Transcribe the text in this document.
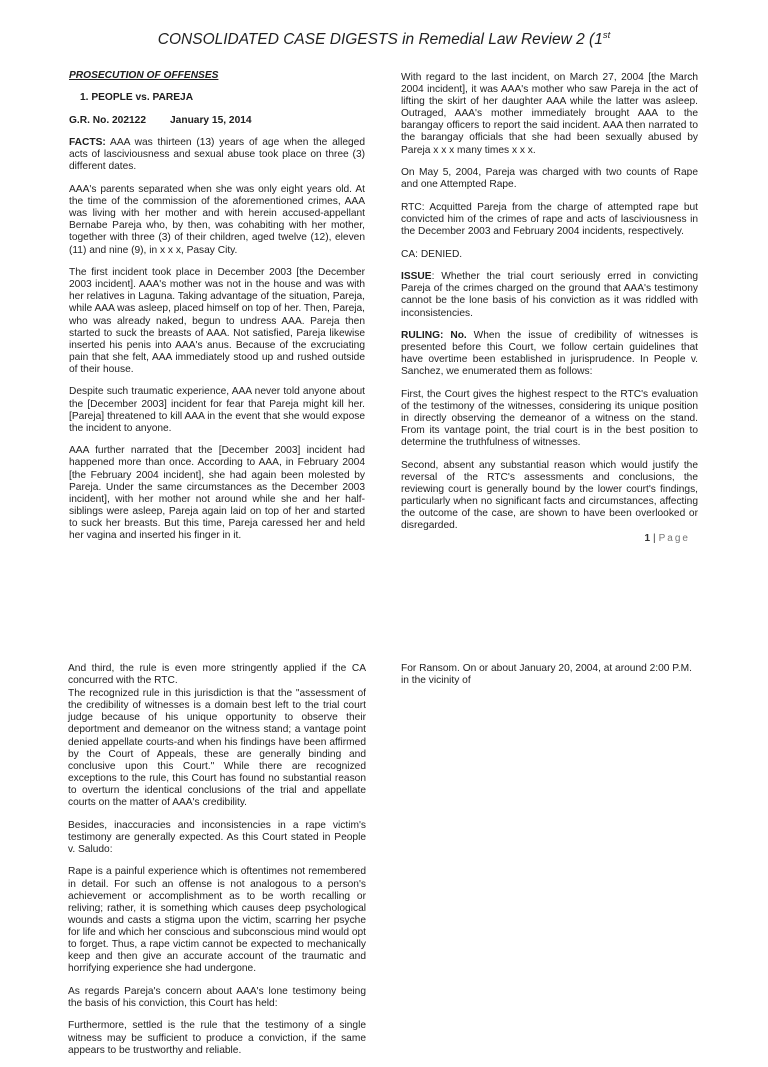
CONSOLIDATED CASE DIGESTS in Remedial Law Review 2 (1st
PROSECUTION OF OFFENSES
1. PEOPLE vs. PAREJA
G.R. No. 202122 January 15, 2014

FACTS: AAA was thirteen (13) years of age when the alleged acts of lasciviousness and sexual abuse took place on three (3) different dates.

AAA's parents separated when she was only eight years old. At the time of the commission of the aforementioned crimes, AAA was living with her mother and with herein accused-appellant Bernabe Pareja who, by then, was cohabiting with her mother, together with three (3) of their children, aged twelve (12), eleven (11) and nine (9), in x x x, Pasay City.

The first incident took place in December 2003 [the December 2003 incident]. AAA's mother was not in the house and was with her relatives in Laguna. Taking advantage of the situation, Pareja, while AAA was asleep, placed himself on top of her. Then, Pareja, who was already naked, begun to undress AAA. Pareja then started to suck the breasts of AAA. Not satisfied, Pareja likewise inserted his penis into AAA's anus. Because of the excruciating pain that she felt, AAA immediately stood up and rushed outside of their house.

Despite such traumatic experience, AAA never told anyone about the [December 2003] incident for fear that Pareja might kill her. [Pareja] threatened to kill AAA in the event that she would expose the incident to anyone.

AAA further narrated that the [December 2003] incident had happened more than once. According to AAA, in February 2004 [the February 2004 incident], she had again been molested by Pareja. Under the same circumstances as the December 2003 incident], with her mother not around while she and her half-siblings were asleep, Pareja again laid on top of her and started to suck her breasts. But this time, Pareja caressed her and held her vagina and inserted his finger in it.

With regard to the last incident, on March 27, 2004 [the March 2004 incident], it was AAA's mother who saw Pareja in the act of lifting the skirt of her daughter AAA while the latter was asleep. Outraged, AAA's mother immediately brought AAA to the barangay officers to report the said incident. AAA then narrated to the barangay officials that she had been sexually abused by Pareja x x x many times x x x.

On May 5, 2004, Pareja was charged with two counts of Rape and one Attempted Rape.

RTC: Acquitted Pareja from the charge of attempted rape but convicted him of the crimes of rape and acts of lasciviousness in the December 2003 and February 2004 incidents, respectively.

CA: DENIED.

ISSUE: Whether the trial court seriously erred in convicting Pareja of the crimes charged on the ground that AAA's testimony cannot be the lone basis of his conviction as it was riddled with inconsistencies.

RULING: No. When the issue of credibility of witnesses is presented before this Court, we follow certain guidelines that have overtime been established in jurisprudence. In People v. Sanchez, we enumerated them as follows:

First, the Court gives the highest respect to the RTC's evaluation of the testimony of the witnesses, considering its unique position in directly observing the demeanor of a witness on the stand. From its vantage point, the trial court is in the best position to determine the truthfulness of witnesses.

Second, absent any substantial reason which would justify the reversal of the RTC's assessments and conclusions, the reviewing court is generally bound by the lower court's findings, particularly when no significant facts and circumstances, affecting the outcome of the case, are shown to have been overlooked or disregarded.

1 | Page

And third, the rule is even more stringently applied if the CA concurred with the RTC.

The recognized rule in this jurisdiction is that the "assessment of the credibility of witnesses is a domain best left to the trial court judge because of his unique opportunity to observe their deportment and demeanor on the witness stand; a vantage point denied appellate courts-and when his findings have been affirmed by the Court of Appeals, these are generally binding and conclusive upon this Court." While there are recognized exceptions to the rule, this Court has found no substantial reason to overturn the identical conclusions of the trial and appellate courts on the matter of AAA's credibility.

Besides, inaccuracies and inconsistencies in a rape victim's testimony are generally expected. As this Court stated in People v. Saludo:

Rape is a painful experience which is oftentimes not remembered in detail. For such an offense is not analogous to a person's achievement or accomplishment as to be worth recalling or reliving; rather, it is something which causes deep psychological wounds and casts a stigma upon the victim, scarring her psyche for life and which her conscious and subconscious mind would opt to forget. Thus, a rape victim cannot be expected to mechanically keep and then give an accurate account of the traumatic and horrifying experience she had undergone.

As regards Pareja's concern about AAA's lone testimony being the basis of his conviction, this Court has held:

Furthermore, settled is the rule that the testimony of a single witness may be sufficient to produce a conviction, if the same appears to be trustworthy and reliable.

For Ransom. On or about January 20, 2004, at around 2:00 P.M. in the vicinity of
